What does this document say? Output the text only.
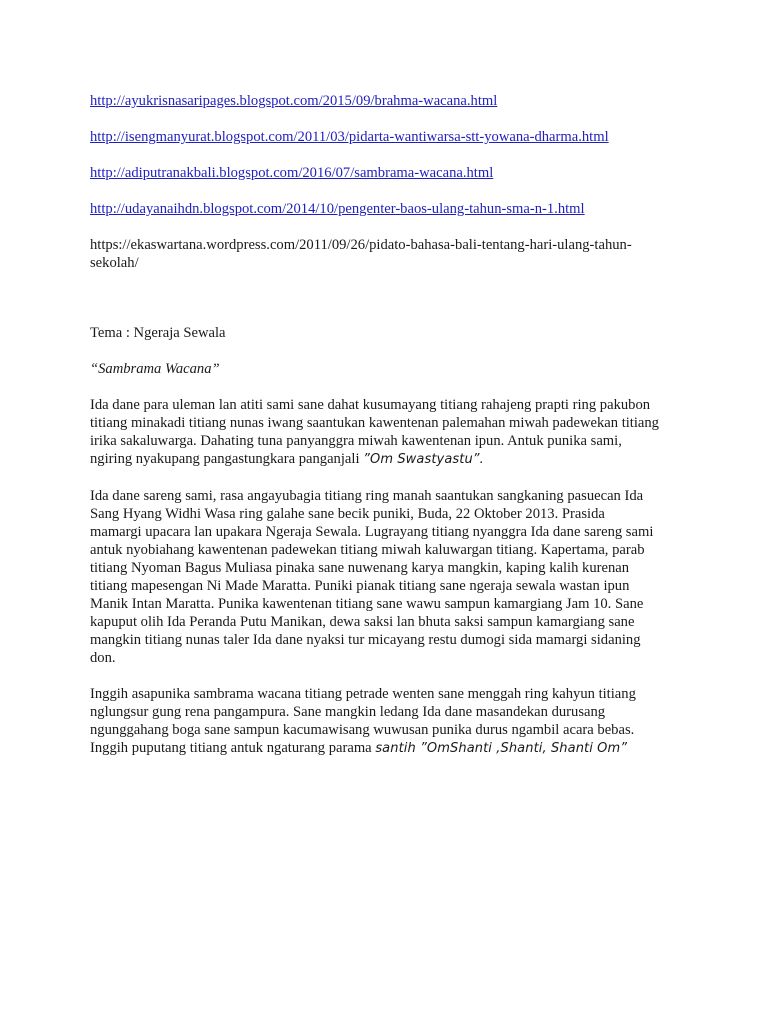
http://ayukrisnasaripages.blogspot.com/2015/09/brahma-wacana.html
http://isengmanyurat.blogspot.com/2011/03/pidarta-wantiwarsa-stt-yowana-dharma.html
http://adiputranakbali.blogspot.com/2016/07/sambrama-wacana.html
http://udayanaihdn.blogspot.com/2014/10/pengenter-baos-ulang-tahun-sma-n-1.html
https://ekaswartana.wordpress.com/2011/09/26/pidato-bahasa-bali-tentang-hari-ulang-tahun-
sekolah/
Tema : Ngeraja Sewala
“Sambrama Wacana”
Ida dane para uleman lan atiti sami sane dahat kusumayang titiang rahajeng prapti ring pakubon
titiang minakadi titiang nunas iwang saantukan kawentenan palemahan miwah padewekan titiang
irika sakaluwarga. Dahating tuna panyanggra miwah kawentenan ipun. Antuk punika sami,
ngiring nyakupang pangastungkara panganjali ”Om Swastyastu”.
Ida dane sareng sami, rasa angayubagia titiang ring manah saantukan sangkaning pasuecan Ida
Sang Hyang Widhi Wasa ring galahe sane becik puniki, Buda, 22 Oktober 2013. Prasida
mamargi upacara lan upakara Ngeraja Sewala. Lugrayang titiang nyanggra Ida dane sareng sami
antuk nyobiahang kawentenan padewekan titiang miwah kaluwargan titiang. Kapertama, parab
titiang Nyoman Bagus Muliasa pinaka sane nuwenang karya mangkin, kaping kalih kurenan
titiang mapesengan Ni Made Maratta. Puniki pianak titiang sane ngeraja sewala wastan ipun
Manik Intan Maratta. Punika kawentenan titiang sane wawu sampun kamargiang Jam 10. Sane
kapuput olih Ida Peranda Putu Manikan, dewa saksi lan bhuta saksi sampun kamargiang sane
mangkin titiang nunas taler Ida dane nyaksi tur micayang restu dumogi sida mamargi sidaning
don.
Inggih asapunika sambrama wacana titiang petrade wenten sane menggah ring kahyun titiang
nglungsur gung rena pangampura. Sane mangkin ledang Ida dane masandekan durusang
ngunggahang boga sane sampun kacumawisang wuwusan punika durus ngambil acara bebas.
Inggih puputang titiang antuk ngaturang parama santih ”OmShanti ,Shanti, Shanti Om”
